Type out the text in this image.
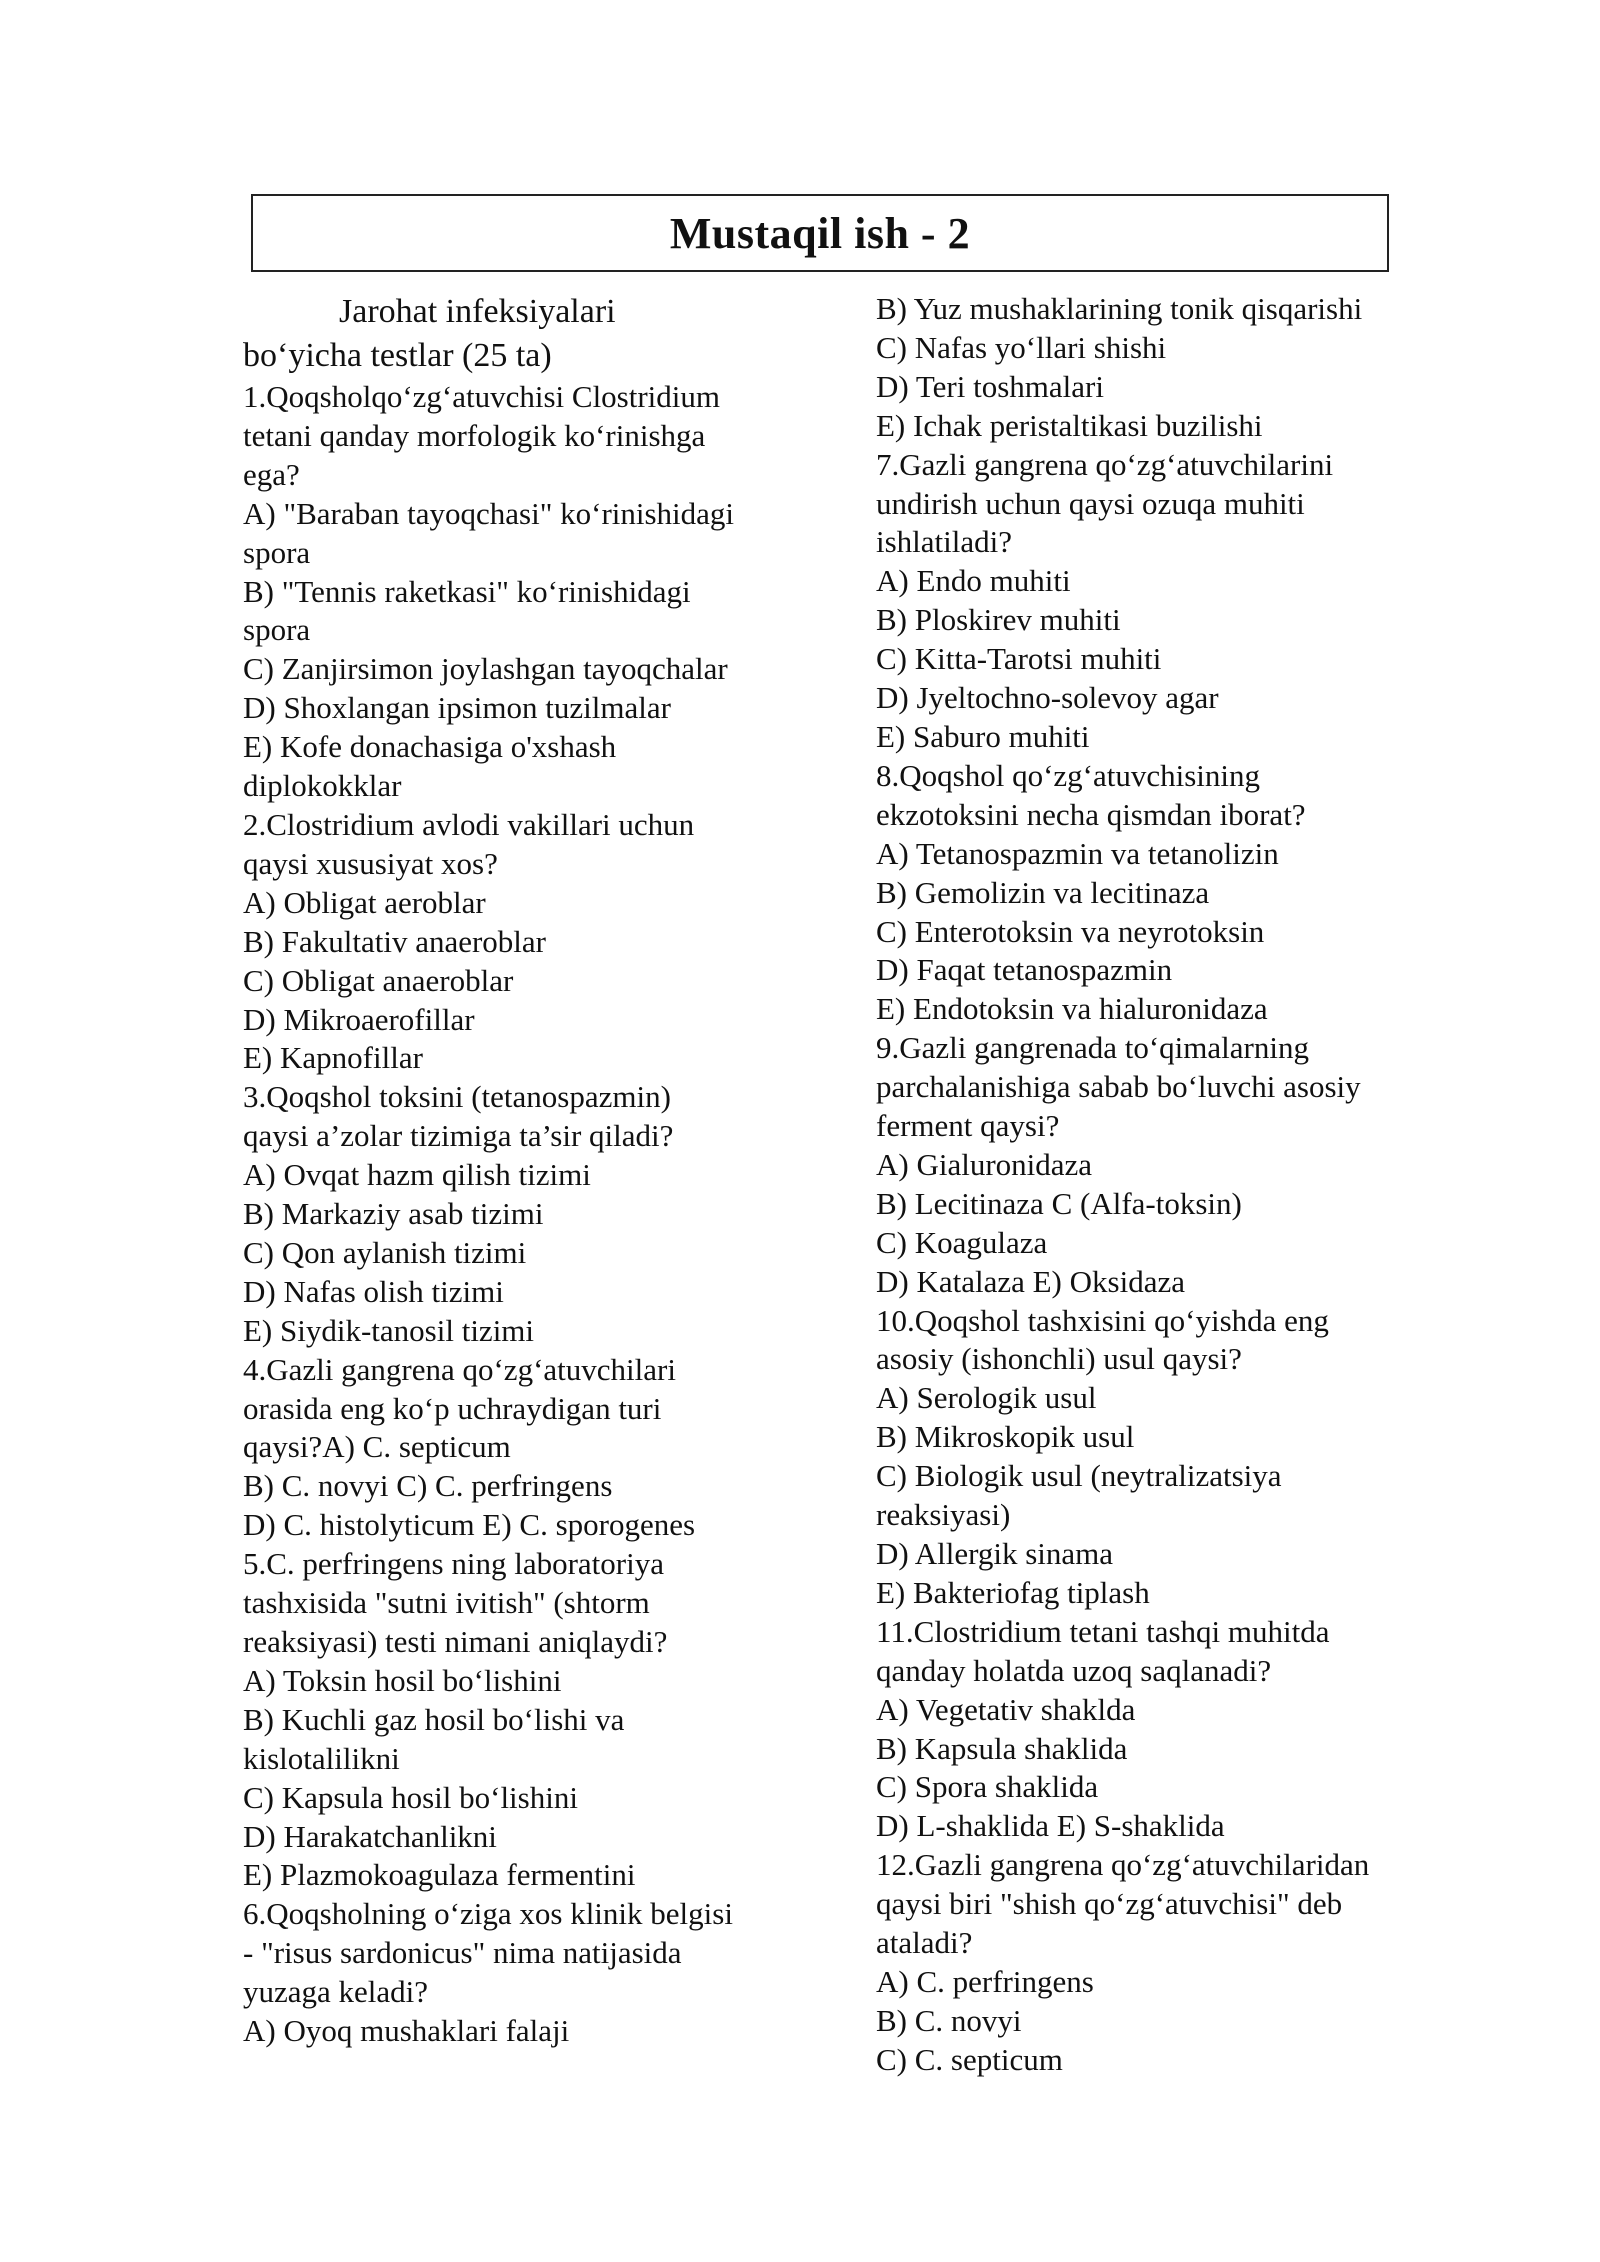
Mustaqil ish - 2
Jarohat infeksiyalari
bo‘yicha testlar (25 ta)
1.Qoqsholqo‘zg‘atuvchisi Clostridium
tetani qanday morfologik ko‘rinishga
ega?
A) "Baraban tayoqchasi" ko‘rinishidagi
spora
B) "Tennis raketkasi" ko‘rinishidagi
spora
C) Zanjirsimon joylashgan tayoqchalar
D) Shoxlangan ipsimon tuzilmalar
E) Kofe donachasiga o'xshash
diplokokklar
2.Clostridium avlodi vakillari uchun
qaysi xususiyat xos?
A) Obligat aeroblar
B) Fakultativ anaeroblar
C) Obligat anaeroblar
D) Mikroaerofillar
E) Kapnofillar
3.Qoqshol toksini (tetanospazmin)
qaysi a’zolar tizimiga ta’sir qiladi?
A) Ovqat hazm qilish tizimi
B) Markaziy asab tizimi
C) Qon aylanish tizimi
D) Nafas olish tizimi
E) Siydik-tanosil tizimi
4.Gazli gangrena qo‘zg‘atuvchilari
orasida eng ko‘p uchraydigan turi
qaysi?A) C. septicum
B) C. novyi C) C. perfringens
D) C. histolyticum E) C. sporogenes
5.C. perfringens ning laboratoriya
tashxisida "sutni ivitish" (shtorm
reaksiyasi) testi nimani aniqlaydi?
A) Toksin hosil bo‘lishini
B) Kuchli gaz hosil bo‘lishi va
kislotalilikni
C) Kapsula hosil bo‘lishini
D) Harakatchanlikni
E) Plazmokoagulaza fermentini
6.Qoqsholning o‘ziga xos klinik belgisi
- "risus sardonicus" nima natijasida
yuzaga keladi?
A) Oyoq mushaklari falaji
B) Yuz mushaklarining tonik qisqarishi
C) Nafas yo‘llari shishi
D) Teri toshmalari
E) Ichak peristaltikasi buzilishi
7.Gazli gangrena qo‘zg‘atuvchilarini
undirish uchun qaysi ozuqa muhiti
ishlatiladi?
A) Endo muhiti
B) Ploskirev muhiti
C) Kitta-Tarotsi muhiti
D) Jyeltochno-solevoy agar
E) Saburo muhiti
8.Qoqshol qo‘zg‘atuvchisining
ekzotoksini necha qismdan iborat?
A) Tetanospazmin va tetanolizin
B) Gemolizin va lecitinaza
C) Enterotoksin va neyrotoksin
D) Faqat tetanospazmin
E) Endotoksin va hialuronidaza
9.Gazli gangrenada to‘qimalarning
parchalanishiga sabab bo‘luvchi asosiy
ferment qaysi?
A) Gialuronidaza
B) Lecitinaza C (Alfa-toksin)
C) Koagulaza
D) Katalaza E) Oksidaza
10.Qoqshol tashxisini qo‘yishda eng
asosiy (ishonchli) usul qaysi?
A) Serologik usul
B) Mikroskopik usul
C) Biologik usul (neytralizatsiya
reaksiyasi)
D) Allergik sinama
E) Bakteriofag tiplash
11.Clostridium tetani tashqi muhitda
qanday holatda uzoq saqlanadi?
A) Vegetativ shaklda
B) Kapsula shaklida
C) Spora shaklida
D) L-shaklida E) S-shaklida
12.Gazli gangrena qo‘zg‘atuvchilaridan
qaysi biri "shish qo‘zg‘atuvchisi" deb
ataladi?
A) C. perfringens
B) C. novyi
C) C. septicum
